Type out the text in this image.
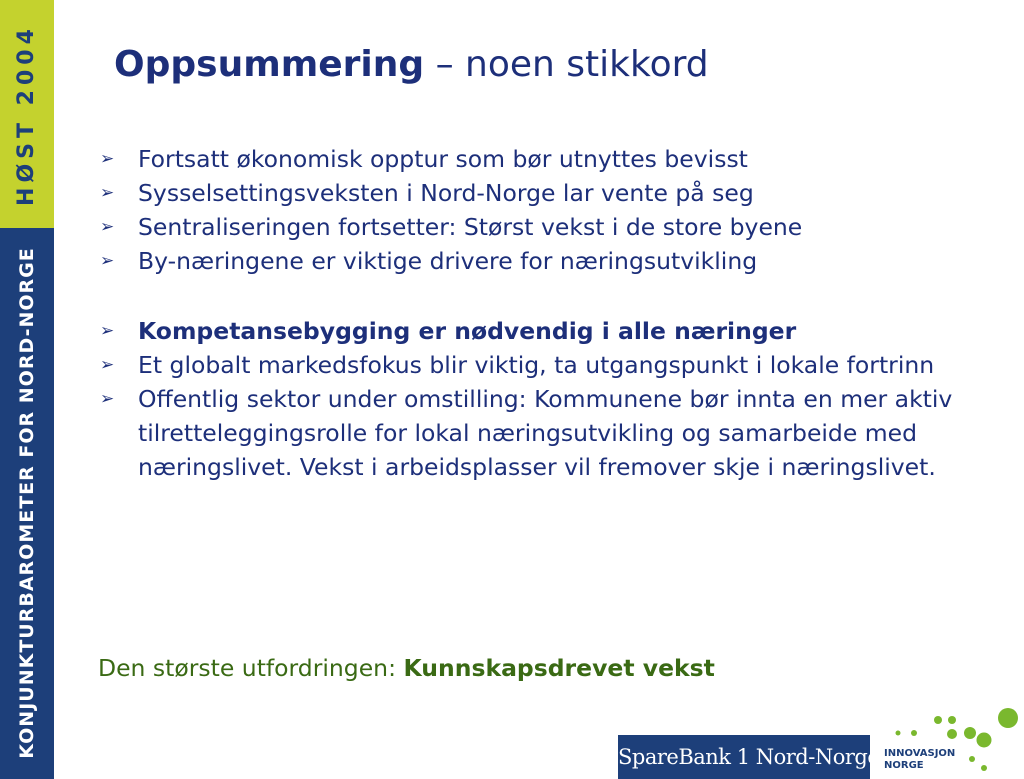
HØST 2004
KONJUNKTURBAROMETER FOR NORD-NORGE
Oppsummering – noen stikkord
➢ Fortsatt økonomisk opptur som bør utnyttes bevisst
➢ Sysselsettingsveksten i Nord-Norge lar vente på seg
➢ Sentraliseringen fortsetter: Størst vekst i de store byene
➢ By-næringene er viktige drivere for næringsutvikling
➢ Kompetansebygging er nødvendig i alle næringer
➢ Et globalt markedsfokus blir viktig, ta utgangspunkt i lokale fortrinn
➢ Offentlig sektor under omstilling: Kommunene bør innta en mer aktiv tilretteleggingsrolle for lokal næringsutvikling og samarbeide med næringslivet. Vekst i arbeidsplasser vil fremover skje i næringslivet.
Den største utfordringen: Kunnskapsdrevet vekst
SpareBank 1 Nord-Norge INNOVASJON
NORGE
